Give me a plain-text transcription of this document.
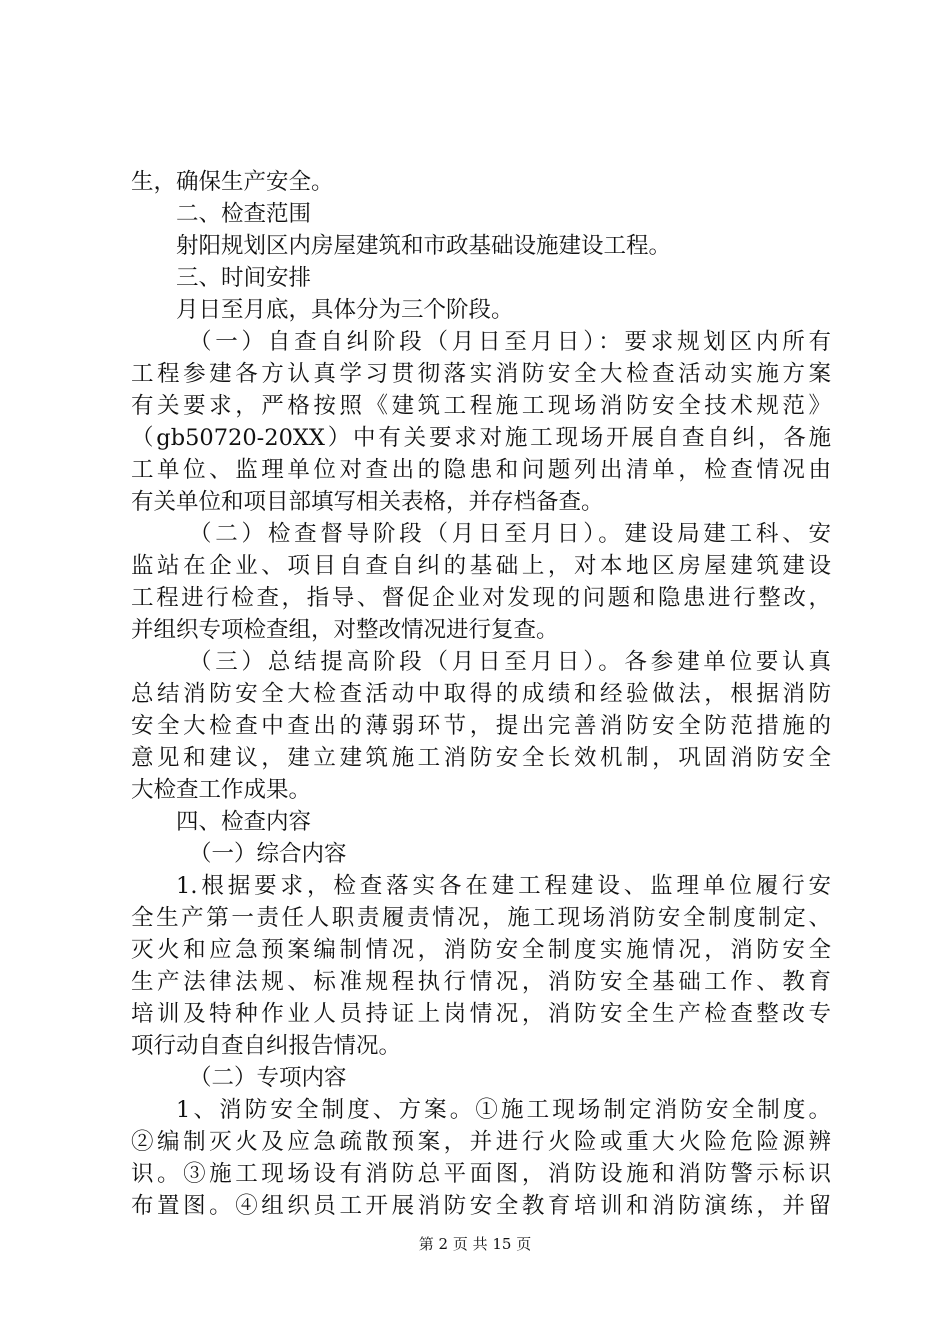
生，确保生产安全。
二、检查范围
射阳规划区内房屋建筑和市政基础设施建设工程。
三、时间安排
月日至月底，具体分为三个阶段。
（一）自查自纠阶段（月日至月日）：要求规划区内所有
工程参建各方认真学习贯彻落实消防安全大检查活动实施方案
有关要求，严格按照《建筑工程施工现场消防安全技术规范》
（gb50720-20XX）中有关要求对施工现场开展自查自纠，各施
工单位、监理单位对查出的隐患和问题列出清单，检查情况由
有关单位和项目部填写相关表格，并存档备查。
（二）检查督导阶段（月日至月日）。建设局建工科、安
监站在企业、项目自查自纠的基础上，对本地区房屋建筑建设
工程进行检查，指导、督促企业对发现的问题和隐患进行整改，
并组织专项检查组，对整改情况进行复查。
（三）总结提高阶段（月日至月日）。各参建单位要认真
总结消防安全大检查活动中取得的成绩和经验做法，根据消防
安全大检查中查出的薄弱环节，提出完善消防安全防范措施的
意见和建议，建立建筑施工消防安全长效机制，巩固消防安全
大检查工作成果。
四、检查内容
（一）综合内容
1.根据要求，检查落实各在建工程建设、监理单位履行安
全生产第一责任人职责履责情况，施工现场消防安全制度制定、
灭火和应急预案编制情况，消防安全制度实施情况，消防安全
生产法律法规、标准规程执行情况，消防安全基础工作、教育
培训及特种作业人员持证上岗情况，消防安全生产检查整改专
项行动自查自纠报告情况。
（二）专项内容
1、消防安全制度、方案。①施工现场制定消防安全制度。
②编制灭火及应急疏散预案，并进行火险或重大火险危险源辨
识。③施工现场设有消防总平面图，消防设施和消防警示标识
布置图。④组织员工开展消防安全教育培训和消防演练，并留
第 2 页 共 15 页
